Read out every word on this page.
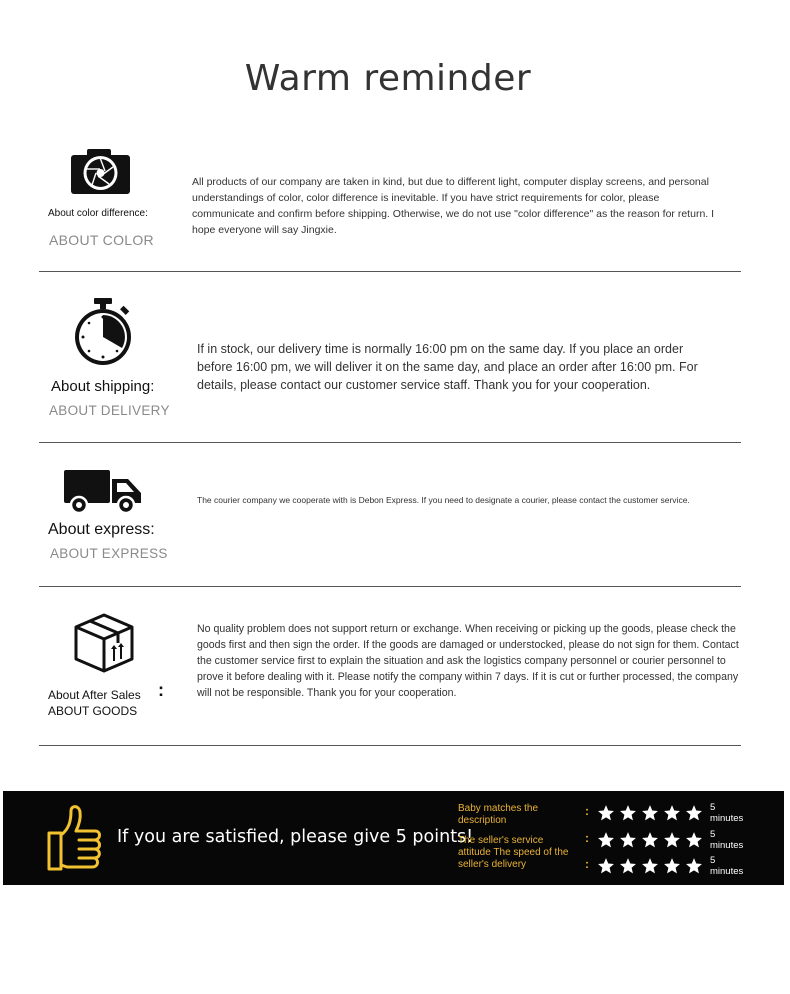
Warm reminder
About color difference:
ABOUT COLOR
All products of our company are taken in kind, but due to different light, computer display screens, and personal understandings of color, color difference is inevitable. If you have strict requirements for color, please communicate and confirm before shipping. Otherwise, we do not use "color difference" as the reason for return. I hope everyone will say Jingxie.
About shipping:
ABOUT DELIVERY
If in stock, our delivery time is normally 16:00 pm on the same day. If you place an order before 16:00 pm, we will deliver it on the same day, and place an order after 16:00 pm. For details, please contact our customer service staff. Thank you for your cooperation.
About express:
ABOUT EXPRESS
The courier company we cooperate with is Debon Express. If you need to designate a courier, please contact the customer service.
About After Sales :
ABOUT GOODS
No quality problem does not support return or exchange. When receiving or picking up the goods, please check the goods first and then sign the order. If the goods are damaged or understocked, please do not sign for them. Contact the customer service first to explain the situation and ask the logistics company personnel or courier personnel to prove it before dealing with it. Please notify the company within 7 days. If it is cut or further processed, the company will not be responsible. Thank you for your cooperation.
If you are satisfied, please give 5 points!
Baby matches the description
The seller's service attitude The speed of the seller's delivery
:
:
:
5
minutes
5
minutes
5
minutes
